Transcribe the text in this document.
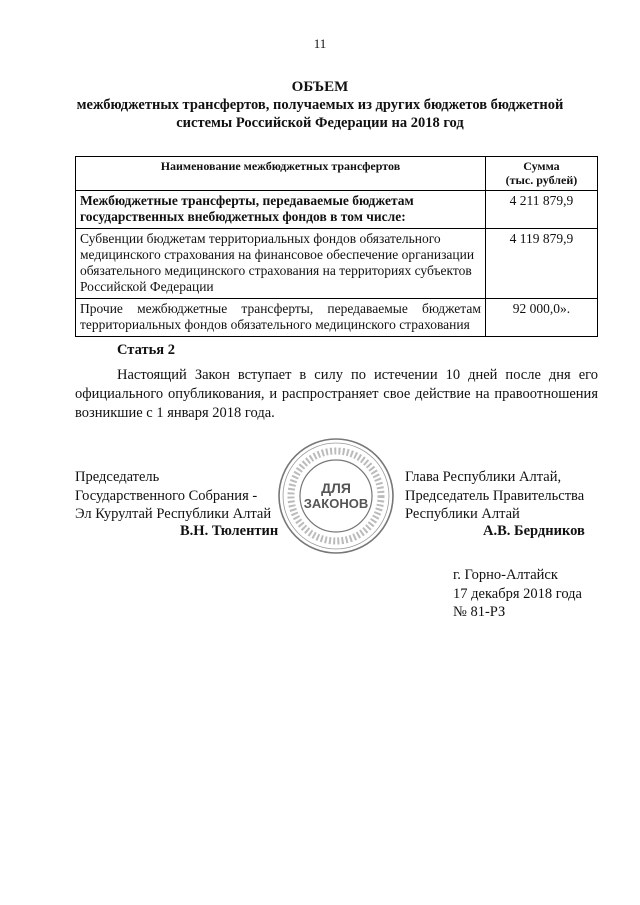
11
ОБЪЕМ
межбюджетных трансфертов, получаемых из других бюджетов бюджетной
системы Российской Федерации на 2018 год
Наименование межбюджетных трансфертов	Сумма
(тыс. рублей)

Межбюджетные трансферты, передаваемые бюджетам государственных внебюджетных фондов в том числе:	4 211 879,9
Субвенции бюджетам территориальных фондов обязательного медицинского страхования на финансовое обеспечение организации обязательного медицинского страхования на территориях субъектов Российской Федерации	4 119 879,9
Прочие межбюджетные трансферты, передаваемые бюджетам территориальных фондов обязательного медицинского страхования	92 000,0».
Статья 2
Настоящий Закон вступает в силу по истечении 10 дней после дня его официального опубликования, и распространяет свое действие на правоотношения возникшие с 1 января 2018 года.
Председатель
Государственного Собрания -
Эл Курултай Республики Алтай
В.Н. Тюлентин
Глава Республики Алтай,
Председатель Правительства
Республики Алтай
А.В. Бердников
ДЛЯ
ЗАКОНОВ
г. Горно-Алтайск
17 декабря 2018 года
№ 81-РЗ
